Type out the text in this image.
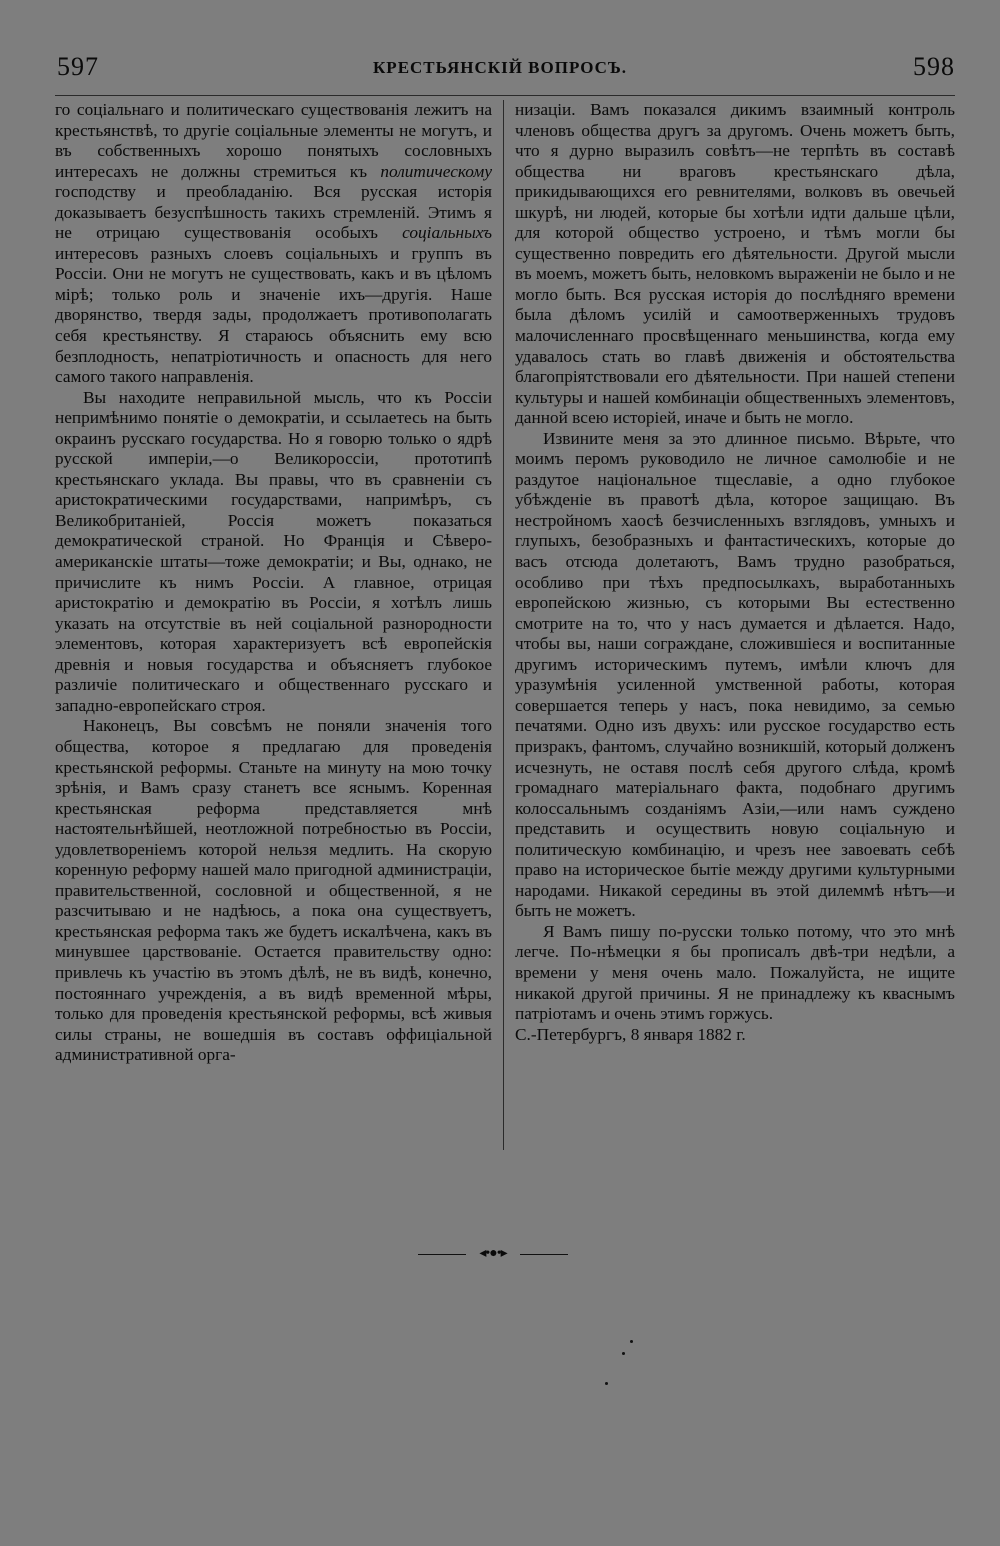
597	КРЕСТЬЯНСКІЙ ВОПРОСЪ.	598

го соціальнаго и политическаго существованія лежитъ на крестьянствѣ, то другіе соціальные элементы не могутъ, и въ собственныхъ хорошо понятыхъ сословныхъ интересахъ не должны стремиться къ политическому господству и преобладанію. Вся русская исторія доказываетъ безуспѣшность такихъ стремленій. Этимъ я не отрицаю существованія особыхъ соціальныхъ интересовъ разныхъ слоевъ соціальныхъ и группъ въ Россіи. Они не могутъ не существовать, какъ и въ цѣломъ мірѣ; только роль и значеніе ихъ—другія. Наше дворянство, твердя зады, продолжаетъ противополагать себя крестьянству. Я стараюсь объяснить ему всю безплодность, непатріотичность и опасность для него самого такого направленія.

Вы находите неправильной мысль, что къ Россіи непримѣнимо понятіе о демократіи, и ссылаетесь на быть окраинъ русскаго государства. Но я говорю только о ядрѣ русской имперіи,—о Великороссіи, прототипѣ крестьянскаго уклада. Вы правы, что въ сравненіи съ аристократическими государствами, напримѣръ, съ Великобританіей, Россія можетъ показаться демократической страной. Но Франція и Сѣверо-американскіе штаты—тоже демократіи; и Вы, однако, не причислите къ нимъ Россіи. А главное, отрицая аристократію и демократію въ Россіи, я хотѣлъ лишь указать на отсутствіе въ ней соціальной разнородности элементовъ, которая характеризуетъ всѣ европейскія древнія и новыя государства и объясняетъ глубокое различіе политическаго и общественнаго русскаго и западно-европейскаго строя.

Наконецъ, Вы совсѣмъ не поняли значенія того общества, которое я предлагаю для проведенія крестьянской реформы. Станьте на минуту на мою точку зрѣнія, и Вамъ сразу станетъ все яснымъ. Коренная крестьянская реформа представляется мнѣ настоятельнѣйшей, неотложной потребностью въ Россіи, удовлетвореніемъ которой нельзя медлить. На скорую коренную реформу нашей мало пригодной администраціи, правительственной, сословной и общественной, я не разсчитываю и не надѣюсь, а пока она существуетъ, крестьянская реформа такъ же будетъ искалѣчена, какъ въ минувшее царствованіе. Остается правительству одно: привлечь къ участію въ этомъ дѣлѣ, не въ видѣ, конечно, постояннаго учрежденія, а въ видѣ временной мѣры, только для проведенія крестьянской реформы, всѣ живыя силы страны, не вошедшія въ составъ оффиціальной административной орга-

низаціи. Вамъ показался дикимъ взаимный контроль членовъ общества другъ за другомъ. Очень можетъ быть, что я дурно выразилъ совѣтъ—не терпѣть въ составѣ общества ни враговъ крестьянскаго дѣла, прикидывающихся его ревнителями, волковъ въ овечьей шкурѣ, ни людей, которые бы хотѣли идти дальше цѣли, для которой общество устроено, и тѣмъ могли бы существенно повредить его дѣятельности. Другой мысли въ моемъ, можетъ быть, неловкомъ выраженіи не было и не могло быть. Вся русская исторія до послѣдняго времени была дѣломъ усилій и самоотверженныхъ трудовъ малочисленнаго просвѣщеннаго меньшинства, когда ему удавалось стать во главѣ движенія и обстоятельства благопріятствовали его дѣятельности. При нашей степени культуры и нашей комбинаціи общественныхъ элементовъ, данной всею исторіей, иначе и быть не могло.

Извините меня за это длинное письмо. Вѣрьте, что моимъ перомъ руководило не личное самолюбіе и не раздутое національное тщеславіе, а одно глубокое убѣжденіе въ правотѣ дѣла, которое защищаю. Въ нестройномъ хаосѣ безчисленныхъ взглядовъ, умныхъ и глупыхъ, безобразныхъ и фантастическихъ, которые до васъ отсюда долетаютъ, Вамъ трудно разобраться, особливо при тѣхъ предпосылкахъ, выработанныхъ европейскою жизнью, съ которыми Вы естественно смотрите на то, что у насъ думается и дѣлается. Надо, чтобы вы, наши сограждане, сложившіеся и воспитанные другимъ историческимъ путемъ, имѣли ключъ для уразумѣнія усиленной умственной работы, которая совершается теперь у насъ, пока невидимо, за семью печатями. Одно изъ двухъ: или русское государство есть призракъ, фантомъ, случайно возникшій, который долженъ исчезнуть, не оставя послѣ себя другого слѣда, кромѣ громаднаго матеріальнаго факта, подобнаго другимъ колоссальнымъ созданіямъ Азіи,—или намъ суждено представить и осуществить новую соціальную и политическую комбинацію, и чрезъ нее завоевать себѣ право на историческое бытіе между другими культурными народами. Никакой середины въ этой дилеммѣ нѣтъ—и быть не можетъ.

Я Вамъ пишу по-русски только потому, что это мнѣ легче. По-нѣмецки я бы прописалъ двѣ-три недѣли, а времени у меня очень мало. Пожалуйста, не ищите никакой другой причины. Я не принадлежу къ кваснымъ патріотамъ и очень этимъ горжусь.

С.-Петербургъ, 8 января 1882 г.

◂•●•▸
